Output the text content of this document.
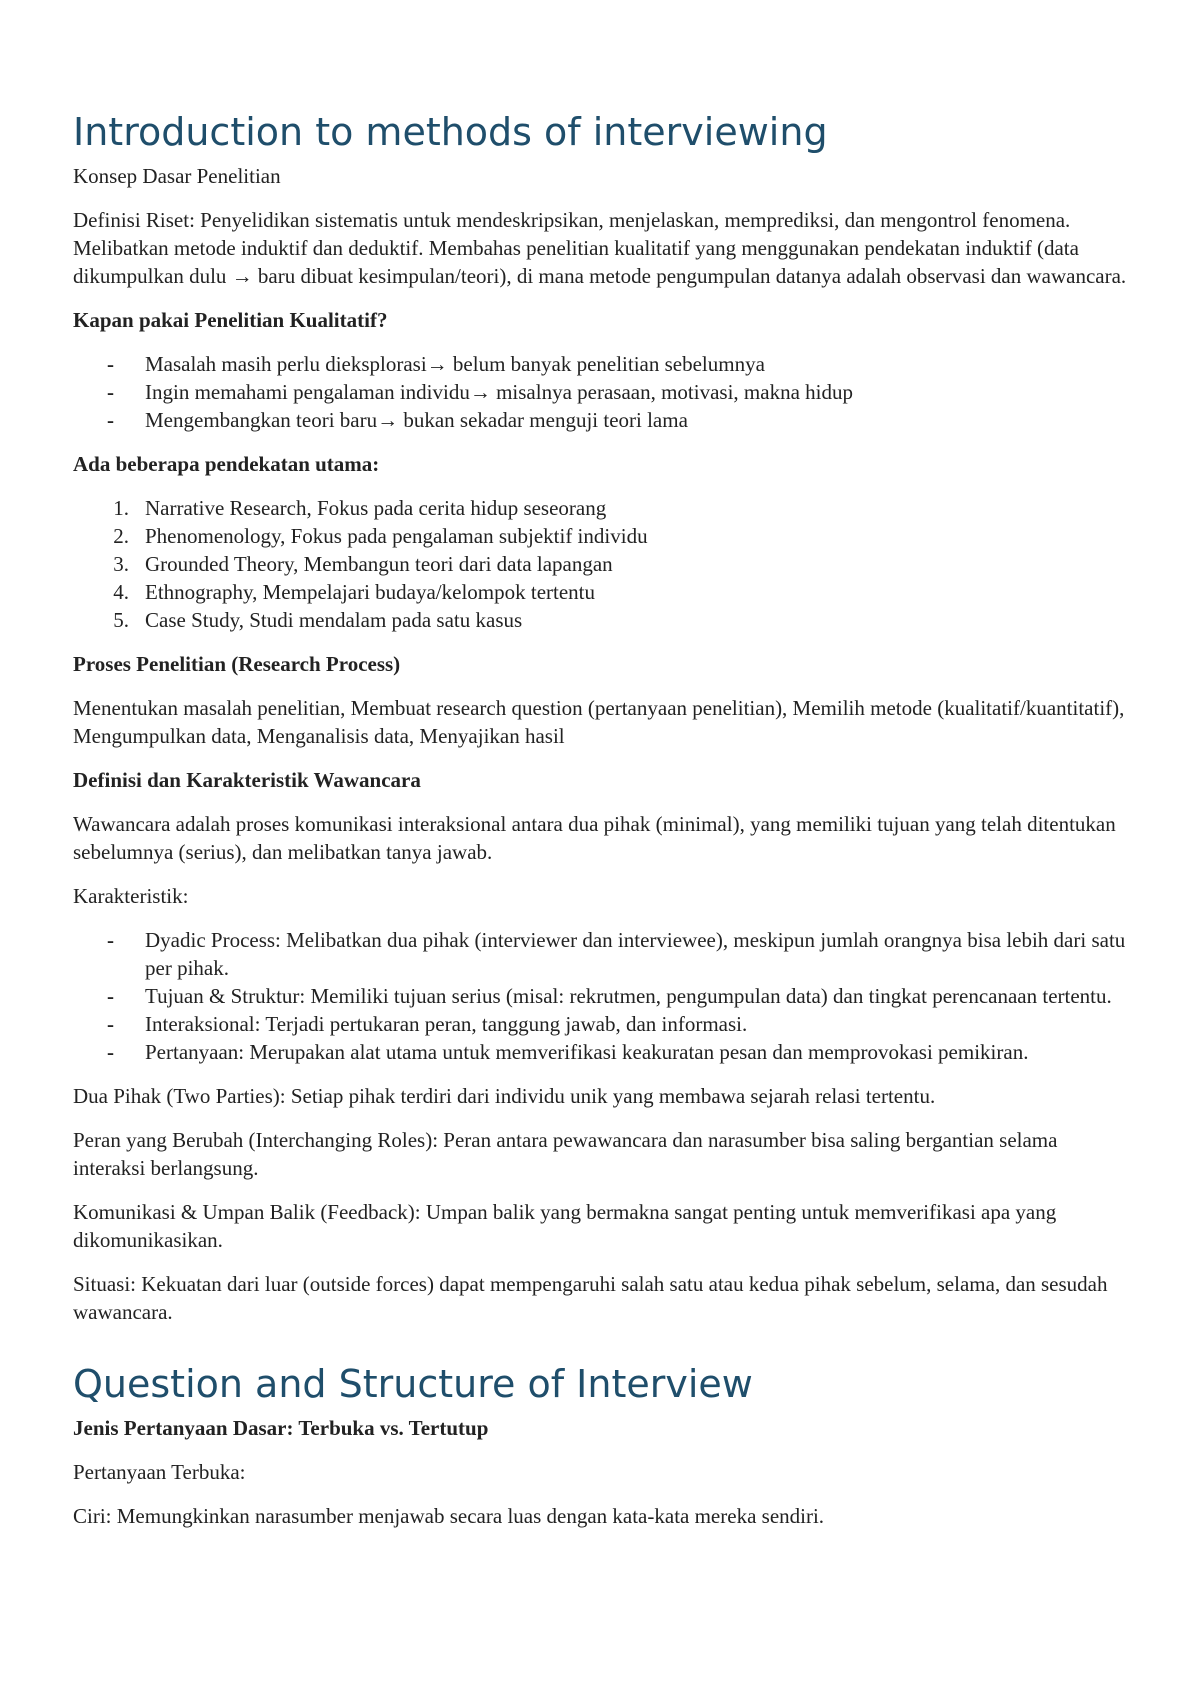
Introduction to methods of interviewing

Konsep Dasar Penelitian

Definisi Riset: Penyelidikan sistematis untuk mendeskripsikan, menjelaskan, memprediksi, dan mengontrol fenomena. Melibatkan metode induktif dan deduktif. Membahas penelitian kualitatif yang menggunakan pendekatan induktif (data dikumpulkan dulu → baru dibuat kesimpulan/teori), di mana metode pengumpulan datanya adalah observasi dan wawancara.

Kapan pakai Penelitian Kualitatif?

-	Masalah masih perlu dieksplorasi→ belum banyak penelitian sebelumnya
-	Ingin memahami pengalaman individu→ misalnya perasaan, motivasi, makna hidup
-	Mengembangkan teori baru→ bukan sekadar menguji teori lama

Ada beberapa pendekatan utama:

1. Narrative Research, Fokus pada cerita hidup seseorang
2. Phenomenology, Fokus pada pengalaman subjektif individu
3. Grounded Theory, Membangun teori dari data lapangan
4. Ethnography, Mempelajari budaya/kelompok tertentu
5. Case Study, Studi mendalam pada satu kasus

Proses Penelitian (Research Process)

Menentukan masalah penelitian, Membuat research question (pertanyaan penelitian), Memilih metode (kualitatif/kuantitatif), Mengumpulkan data, Menganalisis data, Menyajikan hasil

Definisi dan Karakteristik Wawancara

Wawancara adalah proses komunikasi interaksional antara dua pihak (minimal), yang memiliki tujuan yang telah ditentukan sebelumnya (serius), dan melibatkan tanya jawab.

Karakteristik:

-	Dyadic Process: Melibatkan dua pihak (interviewer dan interviewee), meskipun jumlah orangnya bisa lebih dari satu per pihak.
-	Tujuan & Struktur: Memiliki tujuan serius (misal: rekrutmen, pengumpulan data) dan tingkat perencanaan tertentu.
-	Interaksional: Terjadi pertukaran peran, tanggung jawab, dan informasi.
-	Pertanyaan: Merupakan alat utama untuk memverifikasi keakuratan pesan dan memprovokasi pemikiran.

Dua Pihak (Two Parties): Setiap pihak terdiri dari individu unik yang membawa sejarah relasi tertentu.

Peran yang Berubah (Interchanging Roles): Peran antara pewawancara dan narasumber bisa saling bergantian selama interaksi berlangsung.

Komunikasi & Umpan Balik (Feedback): Umpan balik yang bermakna sangat penting untuk memverifikasi apa yang dikomunikasikan.

Situasi: Kekuatan dari luar (outside forces) dapat mempengaruhi salah satu atau kedua pihak sebelum, selama, dan sesudah wawancara.

Question and Structure of Interview

Jenis Pertanyaan Dasar: Terbuka vs. Tertutup

Pertanyaan Terbuka:

Ciri: Memungkinkan narasumber menjawab secara luas dengan kata-kata mereka sendiri.
